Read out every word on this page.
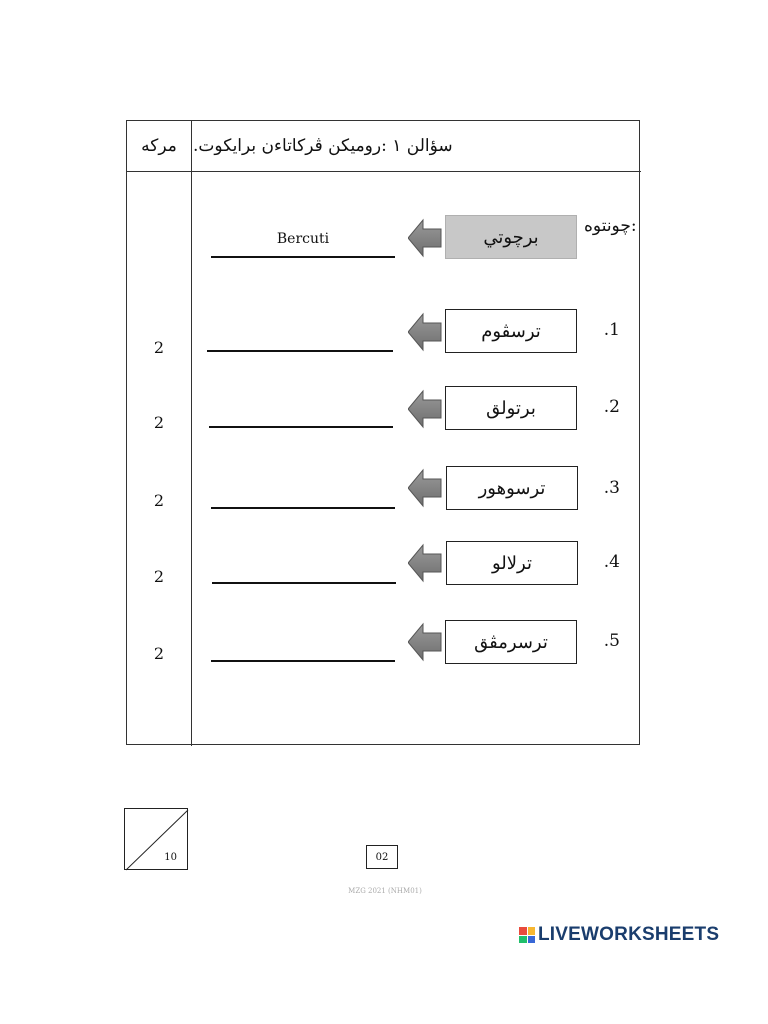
مرکه سؤالن ١ :روميکن ڤرکاتاءن برايکوت.
2
2
2
2
2
چونتوه:
برچوتي
Bercuti
.1
ترسڤوم
.2
برتولق
.3
ترسوهور
.4
ترلالو
.5
ترسرمڤق
10	02
MZG 2021 (NHM01)
LIVEWORKSHEETS
